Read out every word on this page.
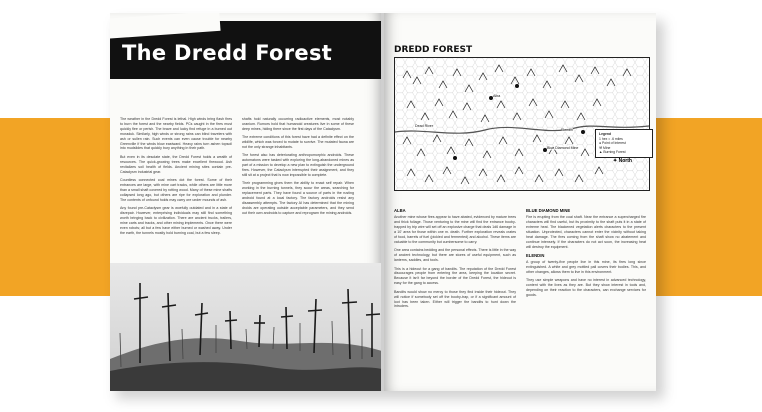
The Dredd Forest

The weather in the Dredd Forest is lethal. High winds bring flash fires to burn the forest and the nearby fields. PCs caught in the fires must quickly flee or perish. The brave and lucky find refuge in a burned out moraduk. Similarly, high winds or strong rains can blind travelers with ash or sullen rain. Such events can even cause trouble for nearby Greenville if the winds blow eastward. Heavy rains turn ashen topsoil into mudslides that quickly bury anything in their path.

But even in its desolate state, the Dredd Forest holds a wealth of resources. The quick-growing trees make excellent firewood. Ash revitalizes soil health of fields. Ancient mining sites contain pre-Cataclysm industrial gear.

Countless connected coal mines dot the forest. Some of their entrances are large, with mine cart tracks, while others are little more than a small shaft covered by rotting wood. Many of these mine shafts collapsed long ago, but others are ripe for exploration and plunder. The contents of unfound holds may carry ore under mounds of ash.

Any found pre-Cataclysm gear is woefully outdated and in a state of disrepair. However, enterprising individuals may still find something worth bringing back to civilization. There are ancient trucks, trailers, mine carts and tracks, and other mining implements. Once there were even robots; all but a few have either burned or washed away. Under the earth, the tunnels mostly hold burning coal, but a few sleep.

shafts hold naturally occurring radioactive elements, most notably uranium. Rumors hold that humanoid creatures live in some of these deep mines, hiding there since the first days of the Cataclysm.

The extreme conditions of this forest have had a definite effect on the wildlife, which was forced to mutate to survive. The mutated fauna are not the only strange inhabitants.

The forest also has deteriorating anthropomorphic androids. These automatons were tasked with exploring the long-abandoned mines as part of a mission to develop a new plan to extinguish the underground fires. However, the Cataclysm interrupted their assignment, and they still sit at a project that is now impossible to complete.

Their programming gives them the ability to enact self repair. When working in the burning tunnels, they scour the areas, searching for replacement parts. They have found a source of parts in the rusting android found at a local factory. The factory androids resist any disassembly attempts. The factory AI has determined that the mining droids are operating outside acceptable parameters, and they send out their own androids to capture and reprogram the mining androids.

DREDD FOREST
Alba
Blue Diamond Mine
Elendin
Dead River
✦ North
Legend
1 hex = .6 miles
● Point of Interest
⚒ Mine
▲ Burning Forest
ALBA

Another mine whose fires appear to have abated, evidenced by mature trees and thick foliage. Those venturing to the mine will find the entrance booby-trapped by trip wire will set off an explosive charge that deals 1d6 damage in a 10' area for those within one m. death. Further exploration reveals crates of food, barrels of fuel (pickled and fermented) and alcohol. These items are valuable to the community but cumbersome to carry.

One area contains bedding and the personal effects. There is little in the way of ancient technology, but there are stores of useful equipment, such as lanterns, saddles, and tools.

This is a hideout for a gang of bandits. The reputation of the Dredd Forest discourages people from entering the area, keeping the location secret. Because it isn't far beyond the border of the Dredd Forest, the hideout is easy for the gang to access.

Bandits would show no mercy to those they find inside their hideout. They will notice if somebody set off the booby-trap, or if a significant amount of loot has been taken. Either will trigger the bandits to hunt down the intruders.

BLUE DIAMOND MINE

Fire is erupting from the coal shaft. Near the entrance a supercharged fire characters will find useful, but its proximity to the shaft puts it in a state of extreme heat. The blackened vegetation alerts characters to the present situation. Unprotected, characters cannot enter the vicinity without taking heat damage. The fires coming from the shaft show no abatement and continue intensely. If the characters do not act soon, the increasing heat will destroy the equipment.

ELENDIN

A group of twenty-five people live in this mine, its fires long since extinguished. A white and grey mottled pall covers their bodies. This, and other changes, allows them to live in this environment.

They use simple weapons and have no interest in advanced technology, content with the lives as they are. But they show interest in tools and, depending on their reaction to the characters, can exchange services for goods.
